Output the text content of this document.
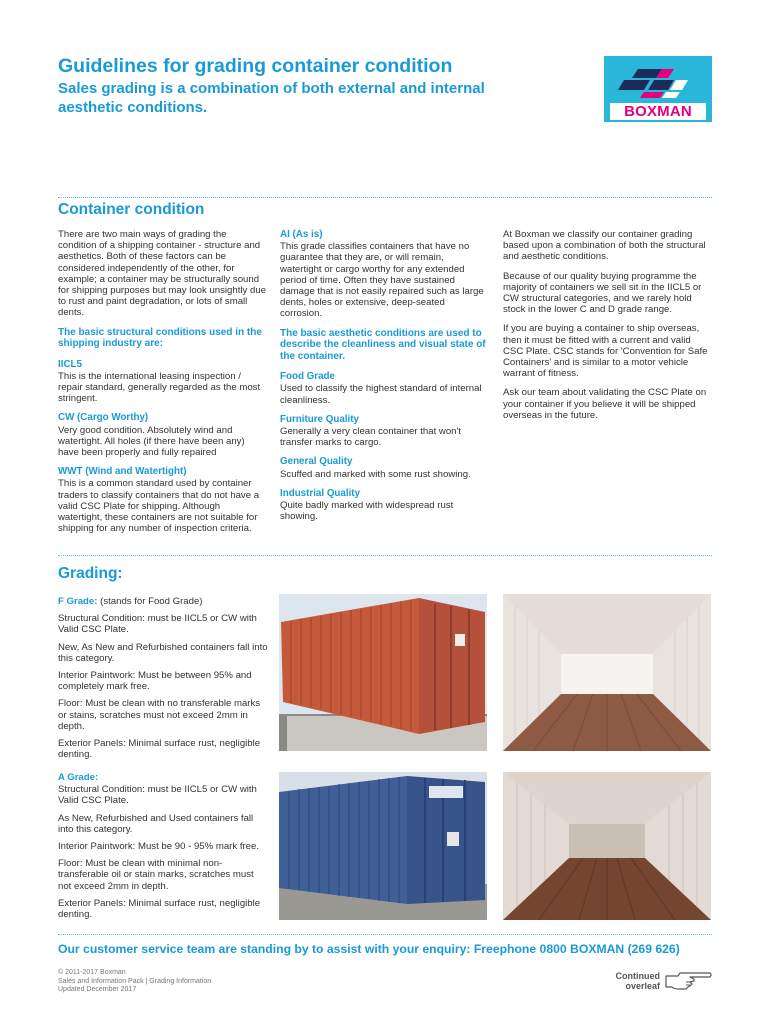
Guidelines for grading container condition
Sales grading is a combination of both external and internal aesthetic conditions.	BOXMAN
Container condition

There are two main ways of grading the condition of a shipping container - structure and aesthetics. Both of these factors can be considered independently of the other, for example; a container may be structurally sound for shipping purposes but may look unsightly due to rust and paint degradation, or lots of small dents.

The basic structural conditions used in the shipping industry are:

IICL5

This is the international leasing inspection / repair standard, generally regarded as the most stringent.

CW (Cargo Worthy)

Very good condition. Absolutely wind and watertight. All holes (if there have been any) have been properly and fully repaired

WWT (Wind and Watertight)

This is a common standard used by container traders to classify containers that do not have a valid CSC Plate for shipping. Although watertight, these containers are not suitable for shipping for any number of inspection criteria.

AI (As is)

This grade classifies containers that have no guarantee that they are, or will remain, watertight or cargo worthy for any extended period of time. Often they have sustained damage that is not easily repaired such as large dents, holes or extensive, deep-seated corrosion.

The basic aesthetic conditions are used to describe the cleanliness and visual state of the container.

Food Grade

Used to classify the highest standard of internal cleanliness.

Furniture Quality

Generally a very clean container that won't transfer marks to cargo.

General Quality

Scuffed and marked with some rust showing.

Industrial Quality

Quite badly marked with widespread rust showing.

At Boxman we classify our container grading based upon a combination of both the structural and aesthetic conditions.

Because of our quality buying programme the majority of containers we sell sit in the IICL5 or CW structural categories, and we rarely hold stock in the lower C and D grade range.

If you are buying a container to ship overseas, then it must be fitted with a current and valid CSC Plate. CSC stands for 'Convention for Safe Containers' and is similar to a motor vehicle warrant of fitness.

Ask our team about validating the CSC Plate on your container if you believe it will be shipped overseas in the future.

Grading:

F Grade: (stands for Food Grade)

Structural Condition: must be IICL5 or CW with Valid CSC Plate.

New, As New and Refurbished containers fall into this category.

Interior Paintwork: Must be between 95% and completely mark free.

Floor: Must be clean with no transferable marks or stains, scratches must not exceed 2mm in depth.

Exterior Panels: Minimal surface rust, negligible denting.

A Grade:

Structural Condition: must be IICL5 or CW with Valid CSC Plate.

As New, Refurbished and Used containers fall into this category.

Interior Paintwork: Must be 90 - 95% mark free.

Floor: Must be clean with minimal non-transferable oil or stain marks, scratches must not exceed 2mm in depth.

Exterior Panels: Minimal surface rust, negligible denting.

Our customer service team are standing by to assist with your enquiry: Freephone 0800 BOXMAN (269 626)
© 2011-2017 Boxman
Sales and Information Pack | Grading Information
Updated December 2017
Continued overleaf
